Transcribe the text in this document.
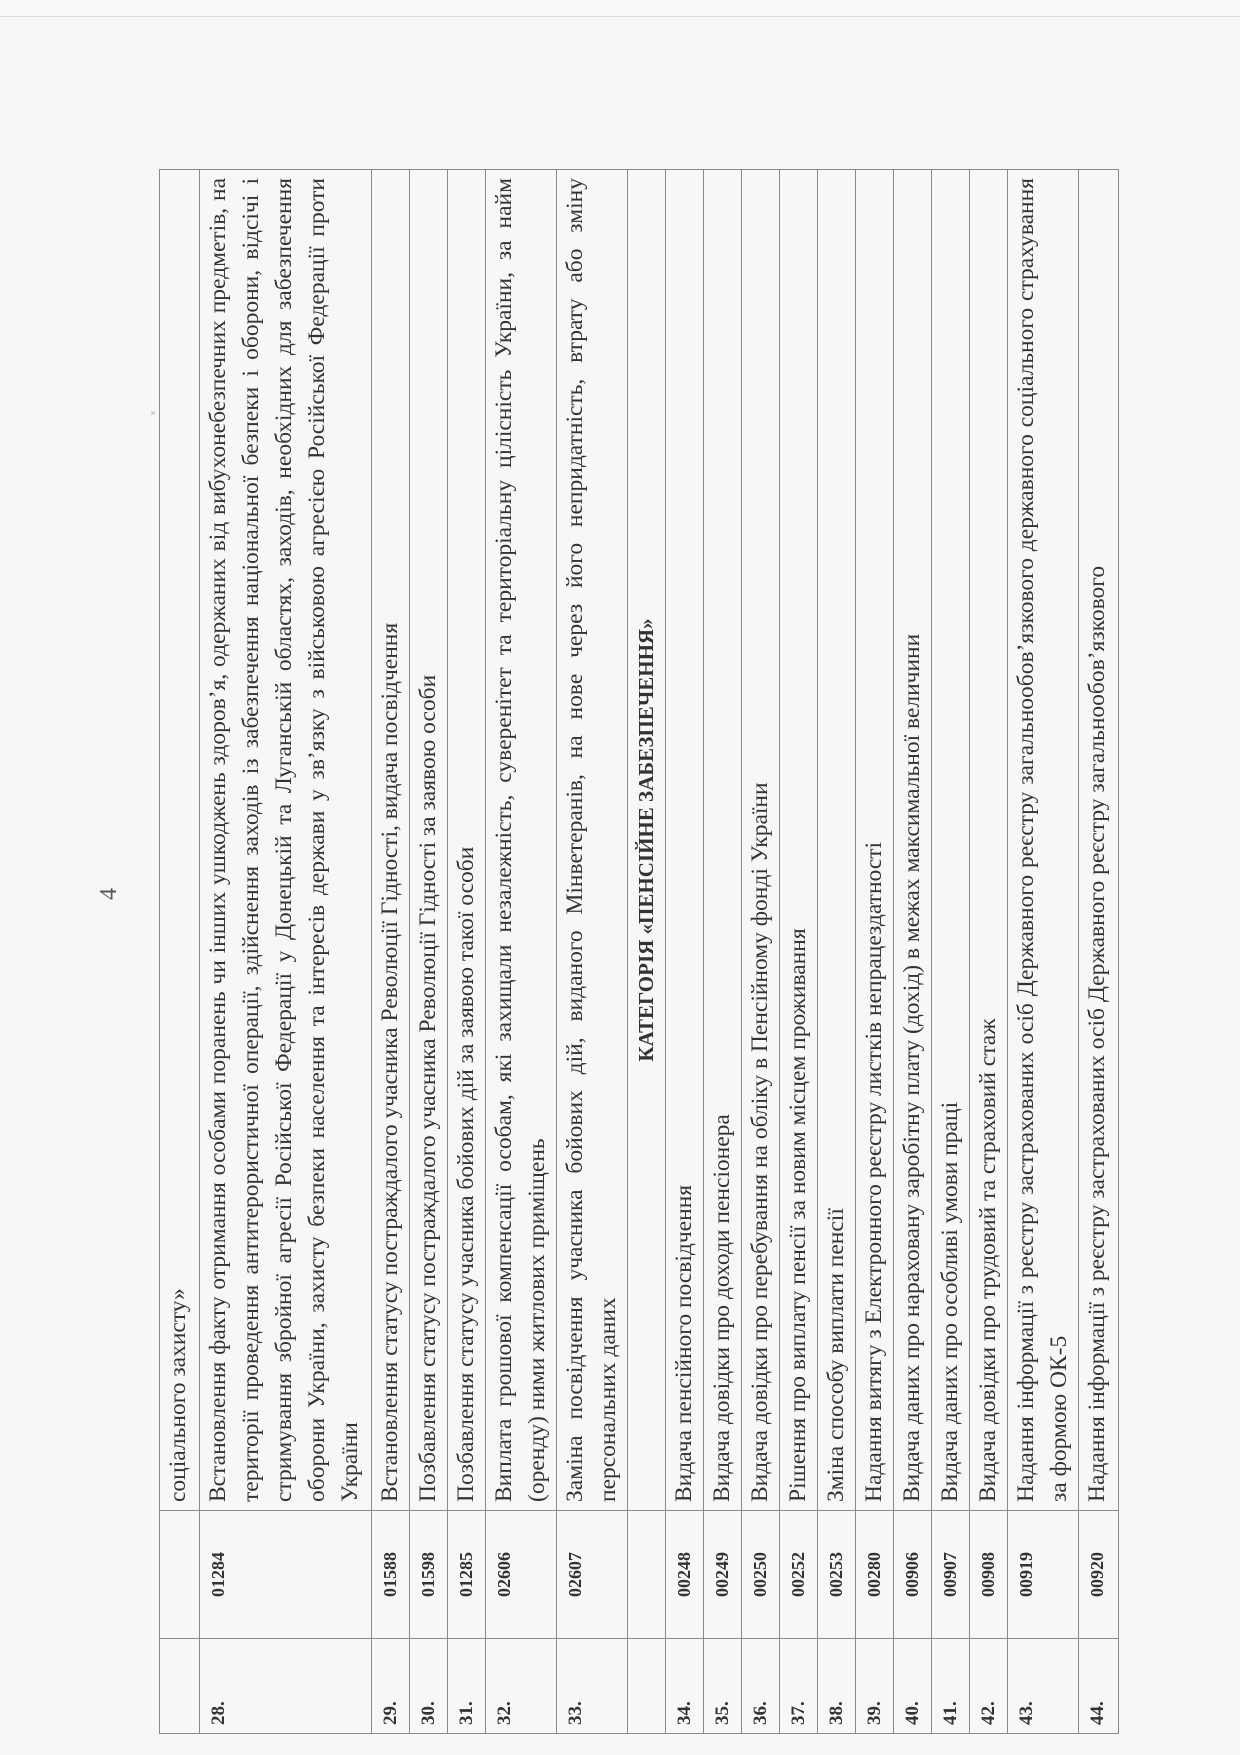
4
ᵥ
		соціального захисту»
28.	01284	Встановлення факту отримання особами поранень чи інших ушкоджень здоров’я, одержаних від вибухонебезпечних предметів, на території проведення антитерористичної операції, здійснення заходів із забезпечення національної безпеки і оборони, відсічі і стримування збройної агресії Російської Федерації у Донецькій та Луганській областях, заходів, необхідних для забезпечення оборони України, захисту безпеки населення та інтересів держави у зв’язку з військовою агресією Російської Федерації проти України
29.	01588	Встановлення статусу постраждалого учасника Революції Гідності, видача посвідчення
30.	01598	Позбавлення статусу постраждалого учасника Революції Гідності за заявою особи
31.	01285	Позбавлення статусу учасника бойових дій за заявою такої особи
32.	02606	Виплата грошової компенсації особам, які захищали незалежність, суверенітет та територіальну цілісність України, за найм (оренду) ними житлових приміщень
33.	02607	Заміна посвідчення учасника бойових дій, виданого Мінветеранів, на нове через його непридатність, втрату або зміну персональних даних
		КАТЕГОРІЯ «ПЕНСІЙНЕ ЗАБЕЗПЕЧЕННЯ»
34.	00248	Видача пенсійного посвідчення
35.	00249	Видача довідки про доходи пенсіонера
36.	00250	Видача довідки про перебування на обліку в Пенсійному фонді України
37.	00252	Рішення про виплату пенсії за новим місцем проживання
38.	00253	Зміна способу виплати пенсії
39.	00280	Надання витягу з Електронного реєстру листків непрацездатності
40.	00906	Видача даних про нараховану заробітну плату (дохід) в межах максимальної величини
41.	00907	Видача даних про особливі умови праці
42.	00908	Видача довідки про трудовий та страховий стаж
43.	00919	Надання інформації з реєстру застрахованих осіб Державного реєстру загальнообов’язкового державного соціального страхування за формою ОК-5
44.	00920	Надання інформації з реєстру застрахованих осіб Державного реєстру загальнообов’язкового
